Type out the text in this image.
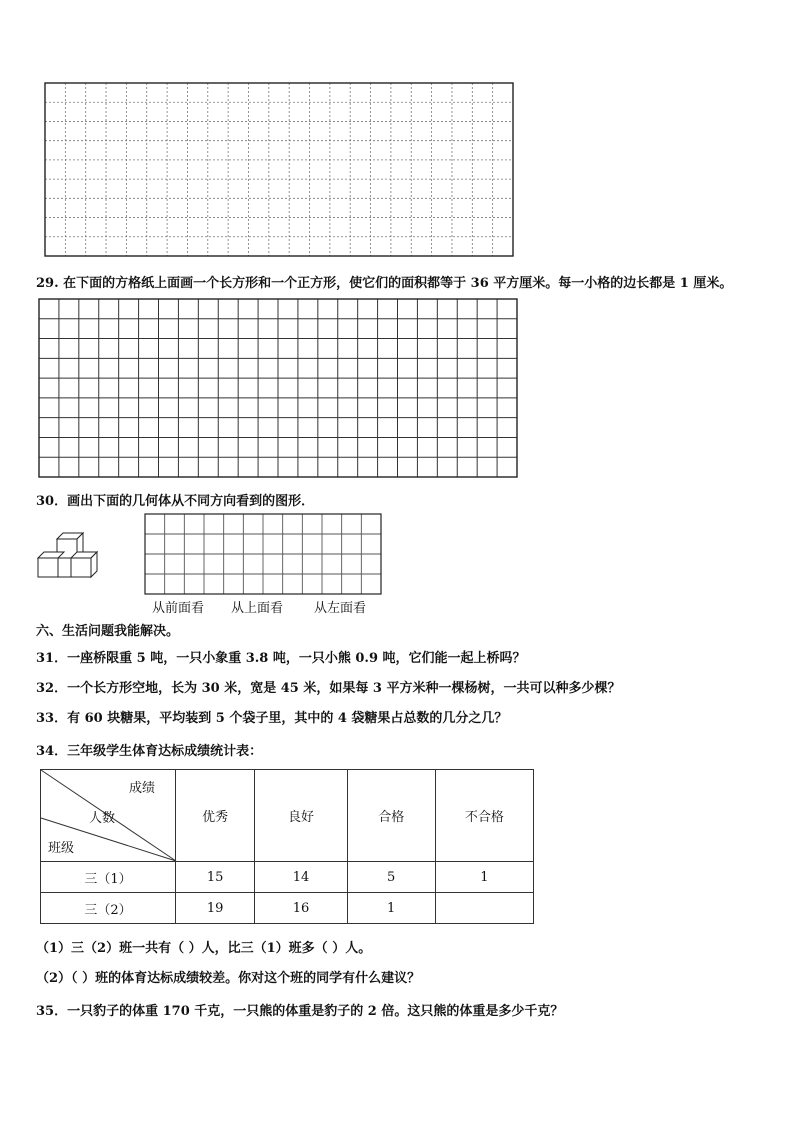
29. 在下面的方格纸上面画一个长方形和一个正方形，使它们的面积都等于 36 平方厘米。每一小格的边长都是 1 厘米。
30．画出下面的几何体从不同方向看到的图形．
从前面看 从上面看 从左面看
六、生活问题我能解决。
31．一座桥限重 5 吨，一只小象重 3.8 吨，一只小熊 0.9 吨，它们能一起上桥吗？
32．一个长方形空地，长为 30 米，宽是 45 米，如果每 3 平方米种一棵杨树，一共可以种多少棵？
33．有 60 块糖果，平均装到 5 个袋子里，其中的 4 袋糖果占总数的几分之几？
34．三年级学生体育达标成绩统计表：
成绩
人数
班级	优秀	良好	合格	不合格
三（1）	15	14	5	1
三（2）	19	16	1	
（1）三（2）班一共有（ ）人，比三（1）班多（ ）人。
（2）（ ）班的体育达标成绩较差。你对这个班的同学有什么建议？
35．一只豹子的体重 170 千克，一只熊的体重是豹子的 2 倍。这只熊的体重是多少千克？
